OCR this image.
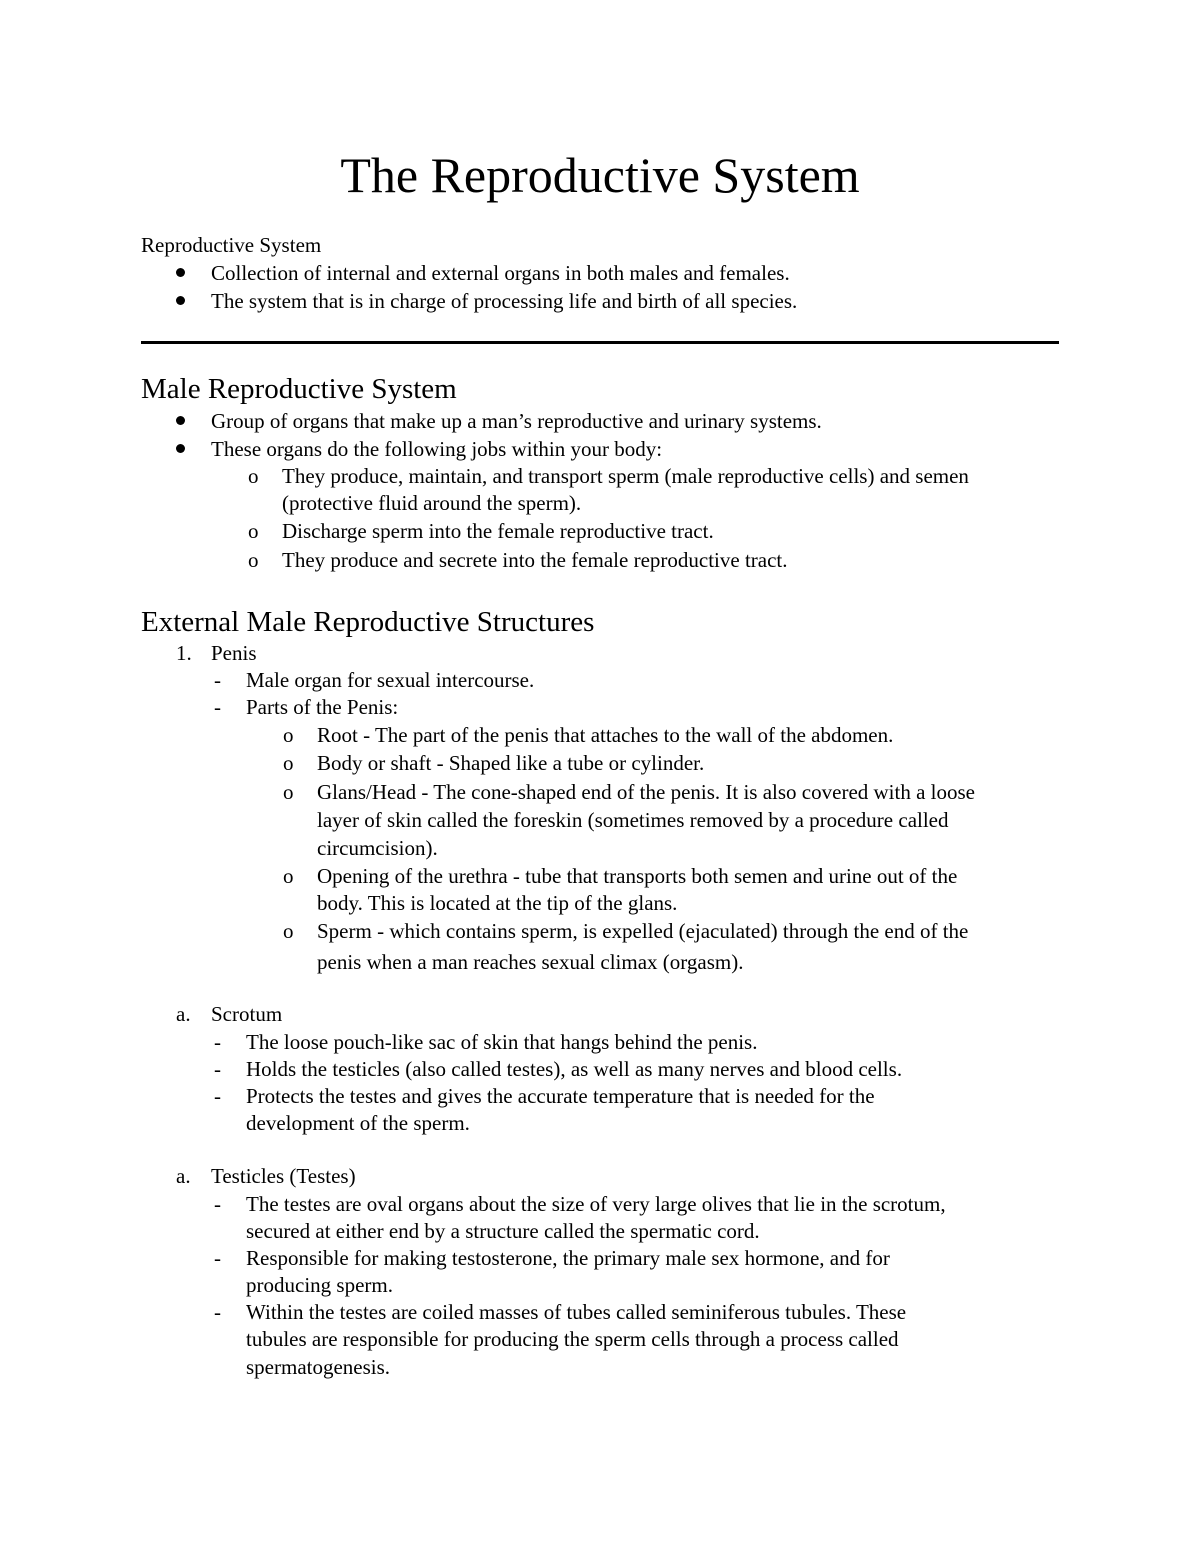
The Reproductive System
Reproductive System
Collection of internal and external organs in both males and females.
The system that is in charge of processing life and birth of all species.
Male Reproductive System
Group of organs that make up a man’s reproductive and urinary systems.
These organs do the following jobs within your body:
o They produce, maintain, and transport sperm (male reproductive cells) and semen
(protective fluid around the sperm).
o Discharge sperm into the female reproductive tract.
o They produce and secrete into the female reproductive tract.
External Male Reproductive Structures
1. Penis
- Male organ for sexual intercourse.
- Parts of the Penis:
o Root - The part of the penis that attaches to the wall of the abdomen.
o Body or shaft - Shaped like a tube or cylinder.
o Glans/Head - The cone-shaped end of the penis. It is also covered with a loose
layer of skin called the foreskin (sometimes removed by a procedure called
circumcision).
o Opening of the urethra - tube that transports both semen and urine out of the
body. This is located at the tip of the glans.
o Sperm - which contains sperm, is expelled (ejaculated) through the end of the
penis when a man reaches sexual climax (orgasm).
a. Scrotum
- The loose pouch-like sac of skin that hangs behind the penis.
- Holds the testicles (also called testes), as well as many nerves and blood cells.
- Protects the testes and gives the accurate temperature that is needed for the
development of the sperm.
a. Testicles (Testes)
- The testes are oval organs about the size of very large olives that lie in the scrotum,
secured at either end by a structure called the spermatic cord.
- Responsible for making testosterone, the primary male sex hormone, and for
producing sperm.
- Within the testes are coiled masses of tubes called seminiferous tubules. These
tubules are responsible for producing the sperm cells through a process called
spermatogenesis.
